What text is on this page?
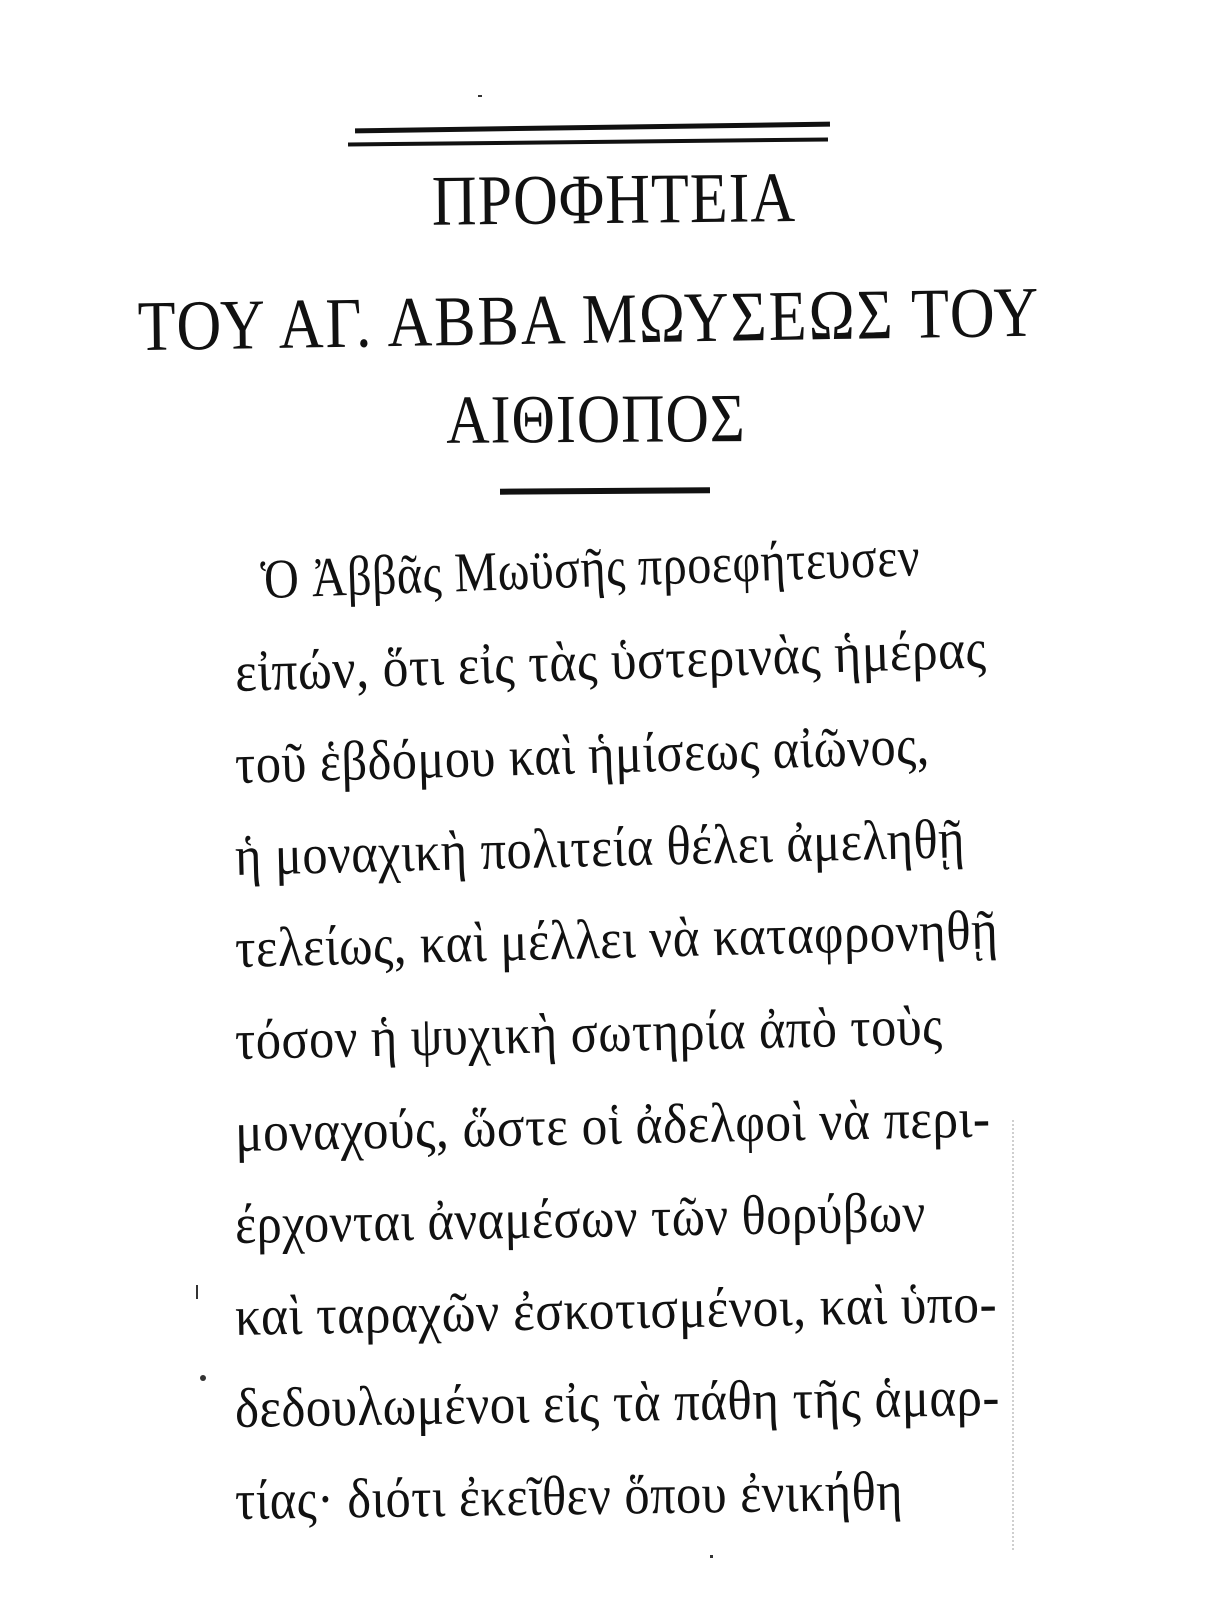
ΠΡΟΦΗΤΕΙΑ
ΤΟΥ ΑΓ. ΑΒΒΑ ΜΩΥΣΕΩΣ ΤΟΥ
ΑΙΘΙΟΠΟΣ
Ὁ Ἀββᾶς Μωϋσῆς προεφήτευσεν
εἰπών, ὅτι εἰς τὰς ὑστερινὰς ἡμέρας
τοῦ ἑβδόμου καὶ ἡμίσεως αἰῶνος,
ἡ μοναχικὴ πολιτεία θέλει ἀμεληθῇ
τελείως, καὶ μέλλει νὰ καταφρονηθῇ
τόσον ἡ ψυχικὴ σωτηρία ἀπὸ τοὺς
μοναχούς, ὥστε οἱ ἀδελφοὶ νὰ περι-
έρχονται ἀναμέσων τῶν θορύβων
καὶ ταραχῶν ἐσκοτισμένοι, καὶ ὑπο-
δεδουλωμένοι εἰς τὰ πάθη τῆς ἁμαρ-
τίας· διότι ἐκεῖθεν ὅπου ἐνικήθη
